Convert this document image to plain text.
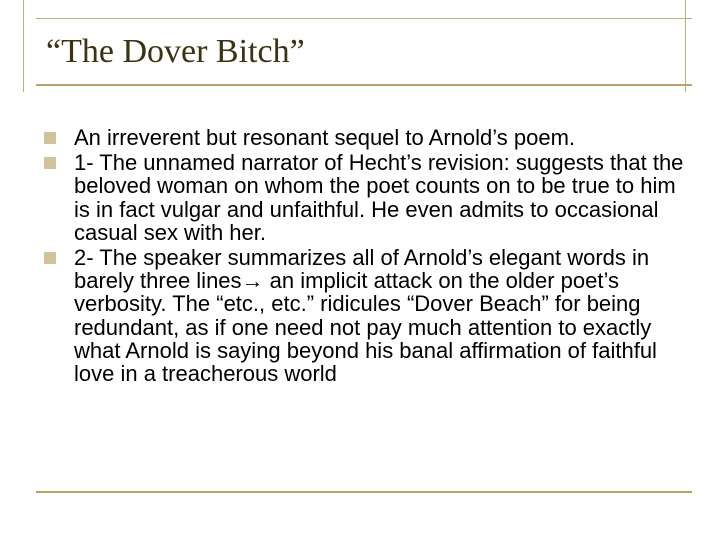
“The Dover Bitch”
An irreverent but resonant sequel to Arnold’s poem.
1- The unnamed narrator of Hecht’s revision: suggests that the beloved woman on whom the poet counts on to be true to him is in fact vulgar and unfaithful. He even admits to occasional casual sex with her.
2- The speaker summarizes all of Arnold’s elegant words in barely three lines→ an implicit attack on the older poet’s verbosity. The “etc., etc.” ridicules “Dover Beach” for being redundant, as if one need not pay much attention to exactly what Arnold is saying beyond his banal affirmation of faithful love in a treacherous world
